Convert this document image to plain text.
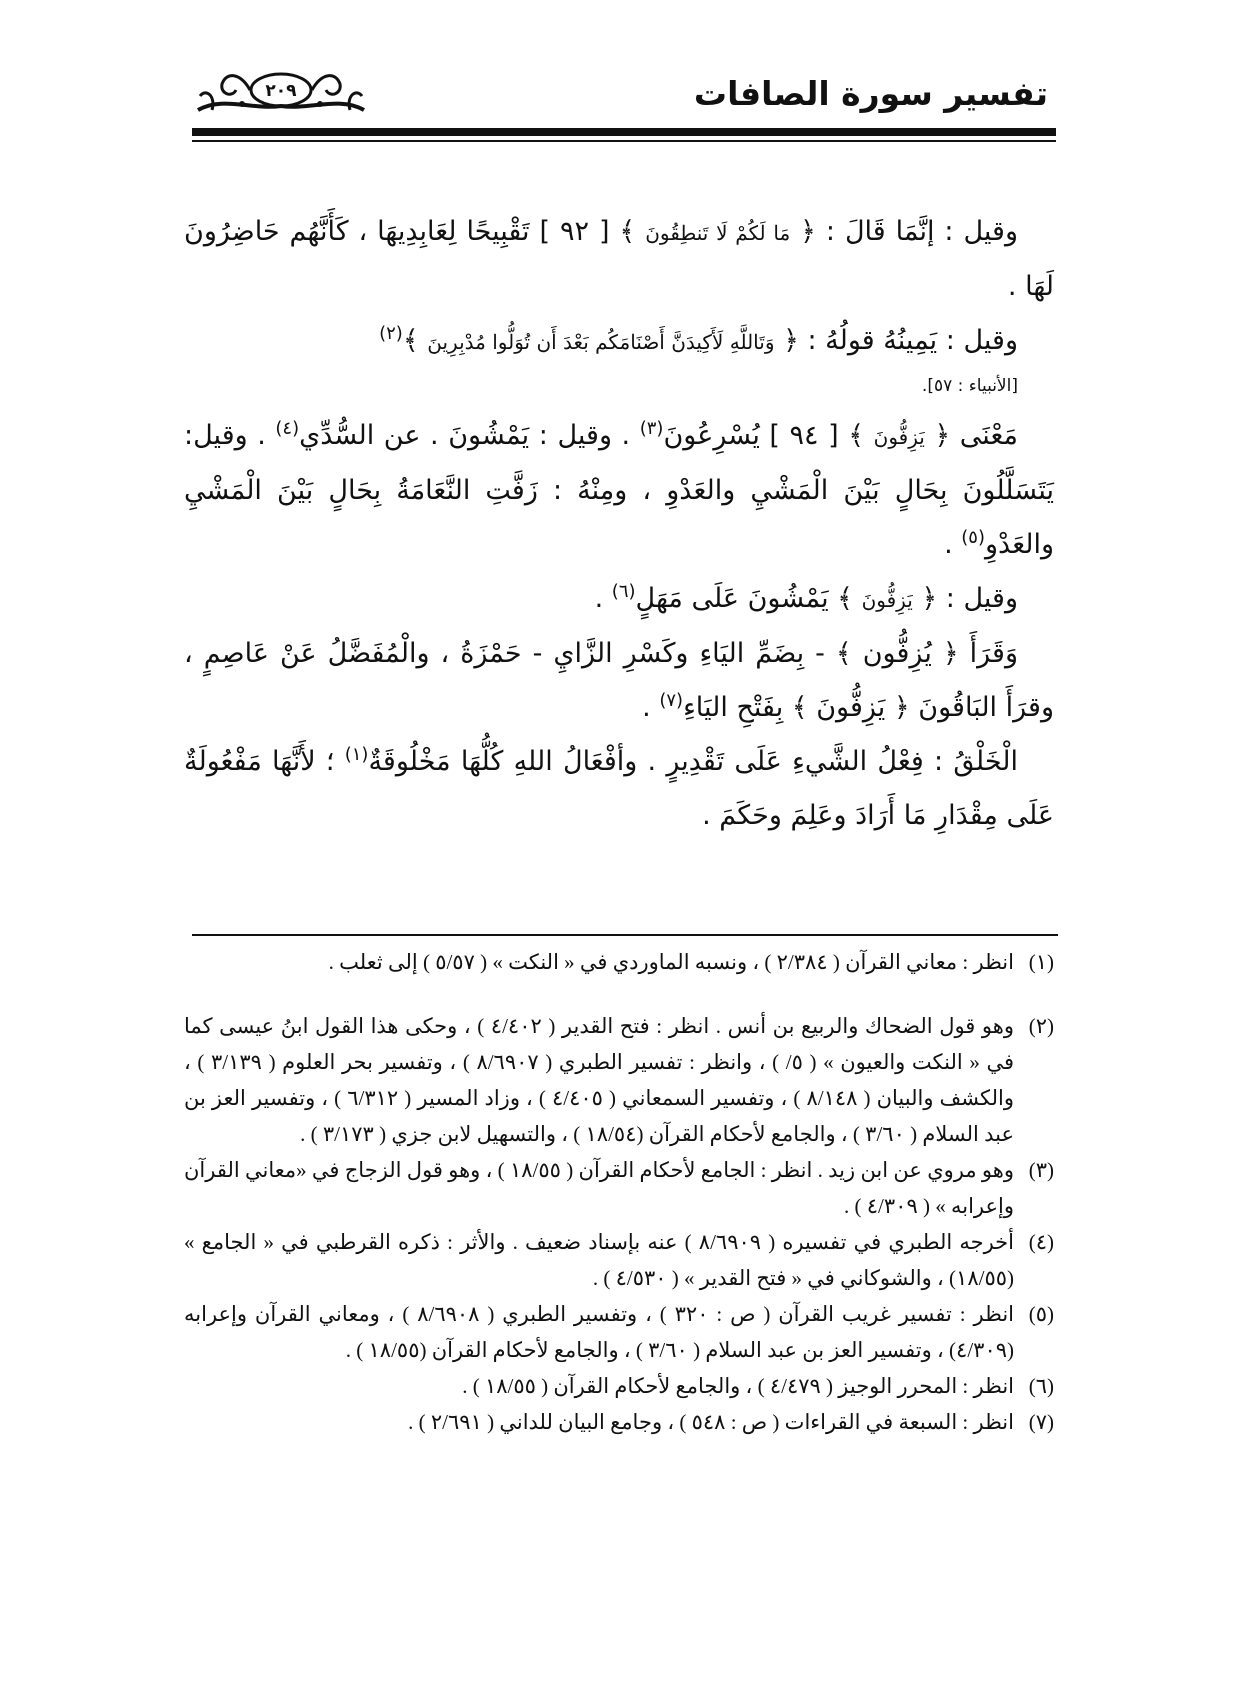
تفسير سورة الصافات
٢٠٩

وقيل : إنَّمَا قَالَ : ﴿ مَا لَكُمْ لَا تَنطِقُونَ ﴾ [ ٩٢ ] تَقْبِيحًا لِعَابِدِيهَا ، كَأَنَّهُم حَاضِرُونَ لَهَا .

وقيل : يَمِينُهُ قولُهُ : ﴿ وَتَاللَّهِ لَأَكِيدَنَّ أَصْنَامَكُم بَعْدَ أَن تُوَلُّوا مُدْبِرِينَ ﴾$^{(٢)}$
[الأنبياء : ٥٧].

مَعْنَى ﴿ يَزِفُّونَ ﴾ [ ٩٤ ] يُسْرِعُونَ$^{(٣)}$ . وقيل : يَمْشُونَ . عن السُّدِّي$^{(٤)}$ . وقيل: يَتَسَلَّلُونَ بِحَالٍ بَيْنَ الْمَشْيِ والعَدْوِ ، ومِنْهُ : زَفَّتِ النَّعَامَةُ بِحَالٍ بَيْنَ الْمَشْيِ والعَدْوِ$^{(٥)}$ .

وقيل : ﴿ يَزِفُّونَ ﴾ يَمْشُونَ عَلَى مَهَلٍ$^{(٦)}$ .

وَقَرَأَ ﴿ يُزِفُّون ﴾ - بِضَمِّ اليَاءِ وكَسْرِ الزَّايِ - حَمْزَةُ ، والْمُفَضَّلُ عَنْ عَاصِمٍ ، وقرَأَ البَاقُونَ ﴿ يَزِفُّونَ ﴾ بِفَتْحِ اليَاءِ$^{(٧)}$ .

الْخَلْقُ : فِعْلُ الشَّيءِ عَلَى تَقْدِيرٍ . وأفْعَالُ اللهِ كُلُّهَا مَخْلُوقَةٌ$^{(١)}$ ؛ لأَنَّهَا مَفْعُولَةٌ عَلَى مِقْدَارِ مَا أَرَادَ وعَلِمَ وحَكَمَ .

(١)
انظر : معاني القرآن ( ٢/٣٨٤ ) ، ونسبه الماوردي في « النكت » ( ٥/٥٧ ) إلى ثعلب .
(٢)
وهو قول الضحاك والربيع بن أنس . انظر : فتح القدير ( ٤/٤٠٢ ) ، وحكى هذا القول ابنُ عيسى كما في « النكت والعيون » ( ٥/ ) ، وانظر : تفسير الطبري ( ٨/٦٩٠٧ ) ، وتفسير بحر العلوم ( ٣/١٣٩ ) ، والكشف والبيان ( ٨/١٤٨ ) ، وتفسير السمعاني ( ٤/٤٠٥ ) ، وزاد المسير ( ٦/٣١٢ ) ، وتفسير العز بن عبد السلام ( ٣/٦٠ ) ، والجامع لأحكام القرآن (١٨/٥٤ ) ، والتسهيل لابن جزي ( ٣/١٧٣ ) .
(٣)
وهو مروي عن ابن زيد . انظر : الجامع لأحكام القرآن ( ١٨/٥٥ ) ، وهو قول الزجاج في «معاني القرآن وإعرابه » ( ٤/٣٠٩ ) .
(٤)
أخرجه الطبري في تفسيره ( ٨/٦٩٠٩ ) عنه بإسناد ضعيف . والأثر : ذكره القرطبي في « الجامع » (١٨/٥٥) ، والشوكاني في « فتح القدير » ( ٤/٥٣٠ ) .
(٥)
انظر : تفسير غريب القرآن ( ص : ٣٢٠ ) ، وتفسير الطبري ( ٨/٦٩٠٨ ) ، ومعاني القرآن وإعرابه (٤/٣٠٩) ، وتفسير العز بن عبد السلام ( ٣/٦٠ ) ، والجامع لأحكام القرآن (١٨/٥٥ ) .
(٦)
انظر : المحرر الوجيز ( ٤/٤٧٩ ) ، والجامع لأحكام القرآن ( ١٨/٥٥ ) .
(٧)
انظر : السبعة في القراءات ( ص : ٥٤٨ ) ، وجامع البيان للداني ( ٢/٦٩١ ) .
